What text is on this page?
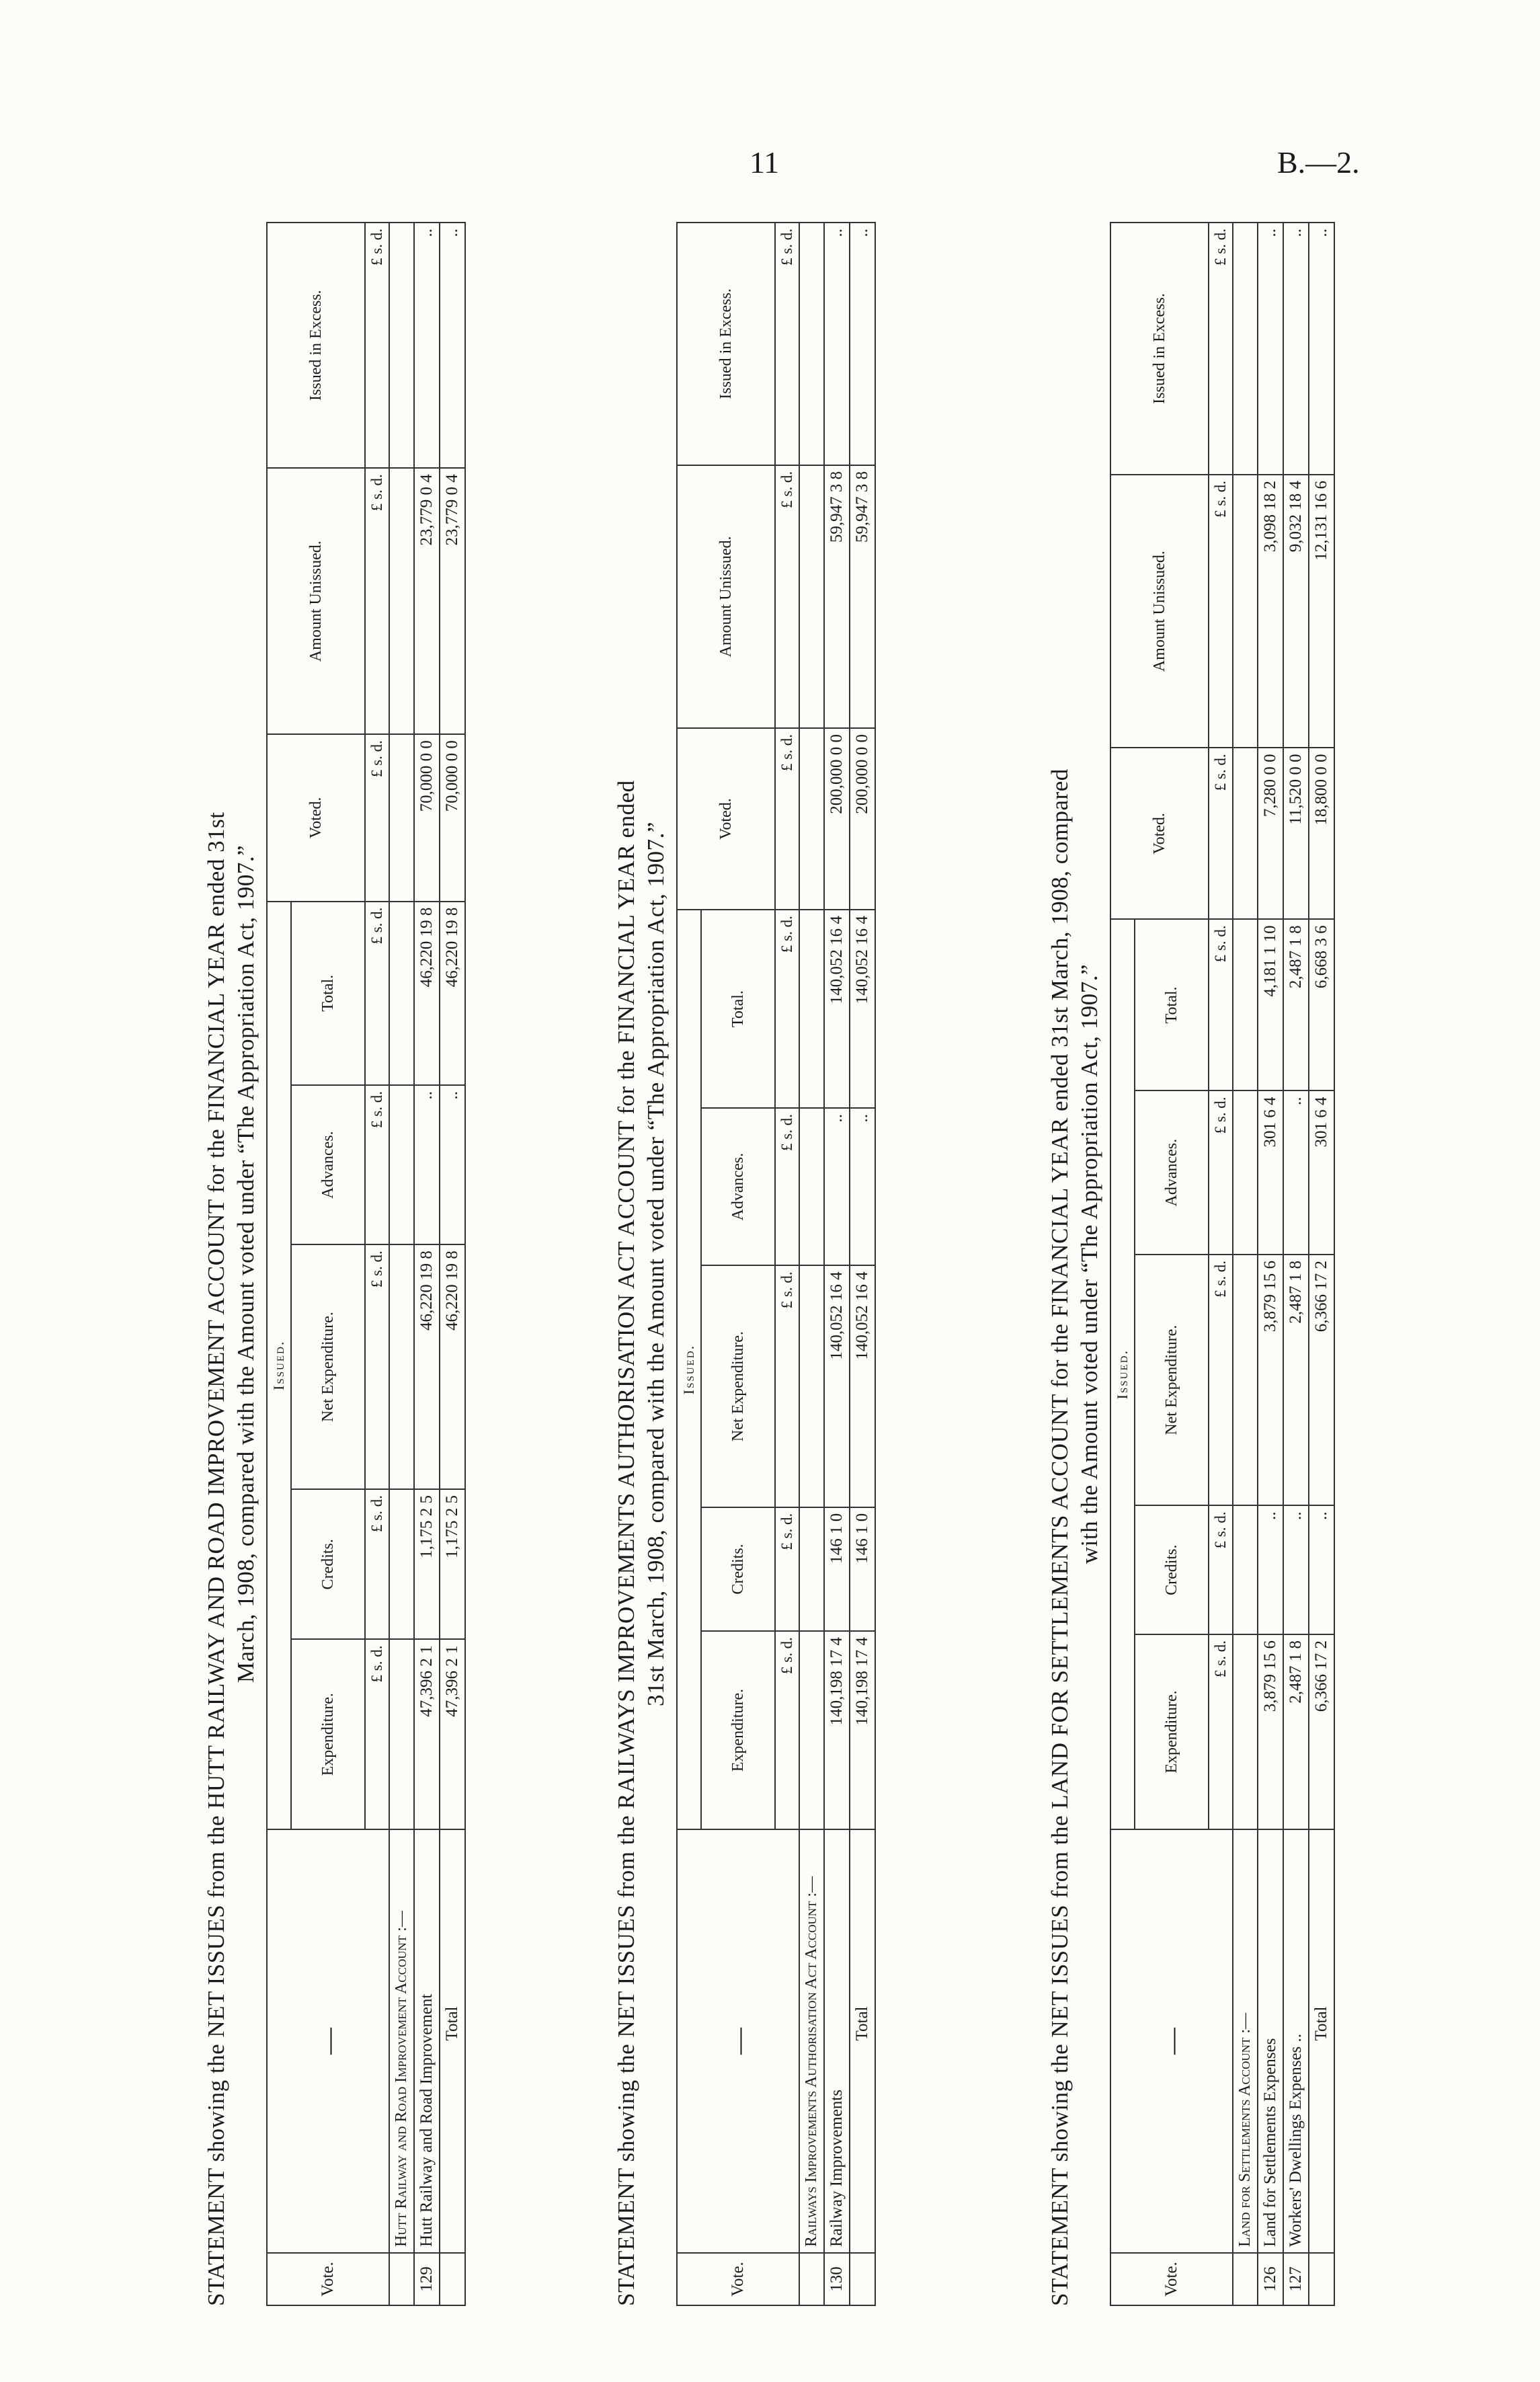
11	B.—2.
STATEMENT showing the NET ISSUES from the HUTT RAILWAY AND ROAD IMPROVEMENT ACCOUNT for the FINANCIAL YEAR ended 31st March, 1908, compared with the Amount voted under “The Appropriation Act, 1907.”
Vote.	—	Issued.					Voted.	Amount Unissued.	Issued in Excess.
		Expenditure.	Credits.	Net Expenditure.	Advances.	Total.			
		£ s. d.	£ s. d.	£ s. d.	£ s. d.	£ s. d.	£ s. d.	£ s. d.	£ s. d.
	Hutt Railway and Road Improvement Account :—								
129	Hutt Railway and Road Improvement	47,396 2 1	1,175 2 5	46,220 19 8	..	46,220 19 8	70,000 0 0	23,779 0 4	..
	Total	47,396 2 1	1,175 2 5	46,220 19 8	..	46,220 19 8	70,000 0 0	23,779 0 4	..
STATEMENT showing the NET ISSUES from the RAILWAYS IMPROVEMENTS AUTHORISATION ACT ACCOUNT for the FINANCIAL YEAR ended 31st March, 1908, compared with the Amount voted under “The Appropriation Act, 1907.”
Vote.	—	Issued.					Voted.	Amount Unissued.	Issued in Excess.
		Expenditure.	Credits.	Net Expenditure.	Advances.	Total.			
		£ s. d.	£ s. d.	£ s. d.	£ s. d.	£ s. d.	£ s. d.	£ s. d.	£ s. d.
	Railways Improvements Authorisation Act Account :—								
130	Railway Improvements	140,198 17 4	146 1 0	140,052 16 4	..	140,052 16 4	200,000 0 0	59,947 3 8	..
	Total	140,198 17 4	146 1 0	140,052 16 4	..	140,052 16 4	200,000 0 0	59,947 3 8	..
STATEMENT showing the NET ISSUES from the LAND FOR SETTLEMENTS ACCOUNT for the FINANCIAL YEAR ended 31st March, 1908, compared with the Amount voted under “The Appropriation Act, 1907.”
Vote.	—	Issued.					Voted.	Amount Unissued.	Issued in Excess.
		Expenditure.	Credits.	Net Expenditure.	Advances.	Total.			
		£ s. d.	£ s. d.	£ s. d.	£ s. d.	£ s. d.	£ s. d.	£ s. d.	£ s. d.
	Land for Settlements Account :—								
126	Land for Settlements Expenses	3,879 15 6	..	3,879 15 6	301 6 4	4,181 1 10	7,280 0 0	3,098 18 2	..
127	Workers' Dwellings Expenses ..	2,487 1 8	..	2,487 1 8	..	2,487 1 8	11,520 0 0	9,032 18 4	..
	Total	6,366 17 2	..	6,366 17 2	301 6 4	6,668 3 6	18,800 0 0	12,131 16 6	..
